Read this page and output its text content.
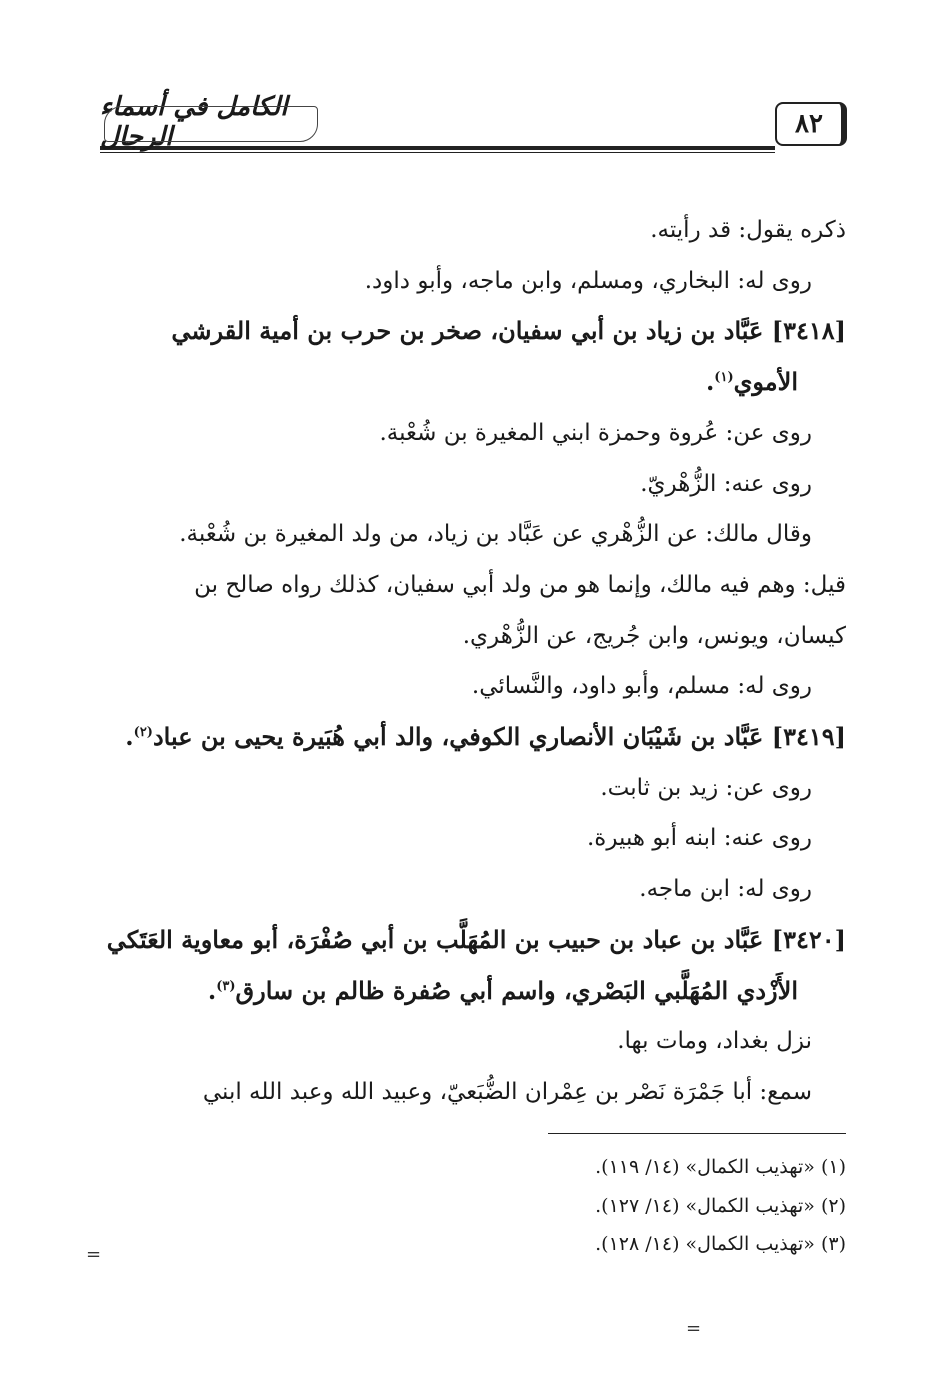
٨٢
الكامل في أسماء الرجال

ذكره يقول: قد رأيته.

روى له: البخاري، ومسلم، وابن ماجه، وأبو داود.

[٣٤١٨] عَبَّاد بن زياد بن أبي سفيان، صخر بن حرب بن أمية القرشي

الأموي$^{(١)}$.

روى عن: عُروة وحمزة ابني المغيرة بن شُعْبة.

روى عنه: الزُّهْريّ.

وقال مالك: عن الزُّهْري عن عَبَّاد بن زياد، من ولد المغيرة بن شُعْبة.

قيل: وهم فيه مالك، وإنما هو من ولد أبي سفيان، كذلك رواه صالح بن

كيسان، ويونس، وابن جُريج، عن الزُّهْري.

روى له: مسلم، وأبو داود، والنَّسائي.

[٣٤١٩] عَبَّاد بن شَيْبَان الأنصاري الكوفي، والد أبي هُبَيرة يحيى بن عباد$^{(٢)}$.

روى عن: زيد بن ثابت.

روى عنه: ابنه أبو هبيرة.

روى له: ابن ماجه.

[٣٤٢٠] عَبَّاد بن عباد بن حبيب بن المُهَلَّب بن أبي صُفْرَة، أبو معاوية العَتَكي

الأَزْدي المُهَلَّبي البَصْري، واسم أبي صُفرة ظالم بن سارق$^{(٣)}$.

نزل بغداد، ومات بها.

سمع: أبا جَمْرَة نَصْر بن عِمْران الضُّبَعيّ، وعبيد الله وعبد الله ابني

(١) «تهذيب الكمال» (١٤/ ١١٩).

(٢) «تهذيب الكمال» (١٤/ ١٢٧).

(٣) «تهذيب الكمال» (١٤/ ١٢٨).

=
=
